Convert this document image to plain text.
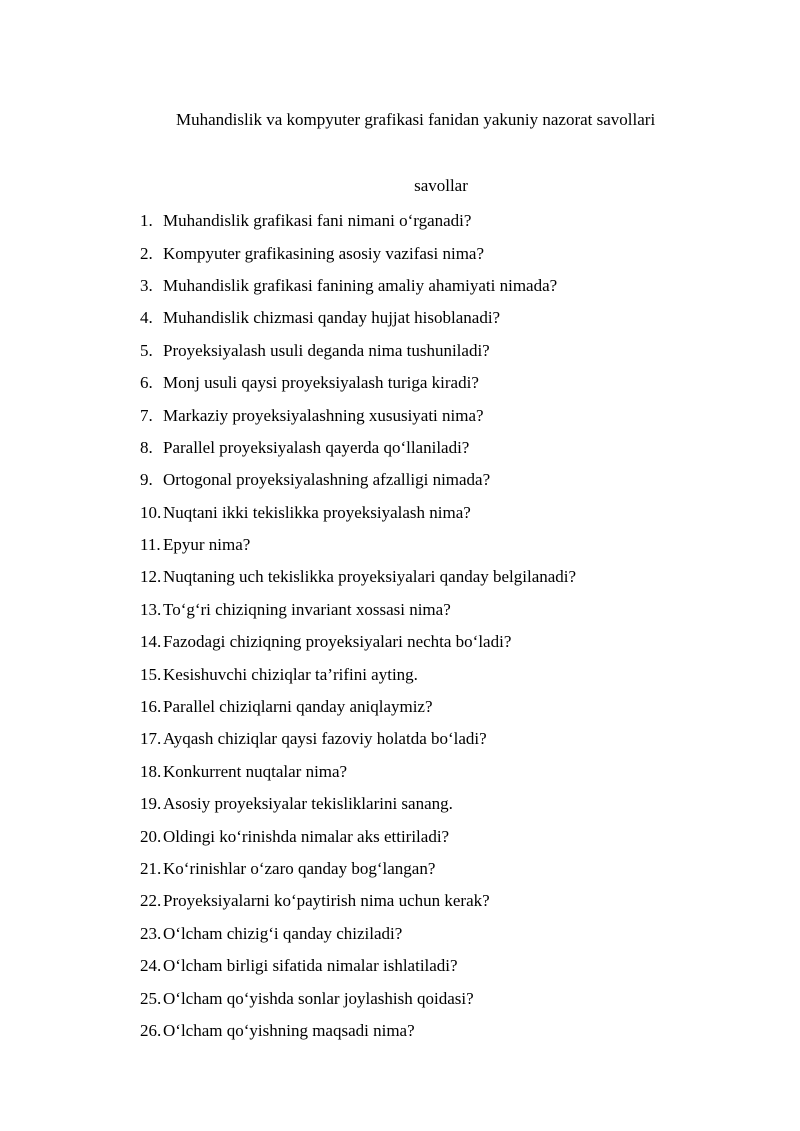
Muhandislik va kompyuter grafikasi fanidan yakuniy nazorat savollari
savollar
1. Muhandislik grafikasi fani nimani o‘rganadi?
2. Kompyuter grafikasining asosiy vazifasi nima?
3. Muhandislik grafikasi fanining amaliy ahamiyati nimada?
4. Muhandislik chizmasi qanday hujjat hisoblanadi?
5. Proyeksiyalash usuli deganda nima tushuniladi?
6. Monj usuli qaysi proyeksiyalash turiga kiradi?
7. Markaziy proyeksiyalashning xususiyati nima?
8. Parallel proyeksiyalash qayerda qo‘llaniladi?
9. Ortogonal proyeksiyalashning afzalligi nimada?
10. Nuqtani ikki tekislikka proyeksiyalash nima?
11. Epyur nima?
12. Nuqtaning uch tekislikka proyeksiyalari qanday belgilanadi?
13. To‘g‘ri chiziqning invariant xossasi nima?
14. Fazodagi chiziqning proyeksiyalari nechta bo‘ladi?
15. Kesishuvchi chiziqlar ta’rifini ayting.
16. Parallel chiziqlarni qanday aniqlaymiz?
17. Ayqash chiziqlar qaysi fazoviy holatda bo‘ladi?
18. Konkurrent nuqtalar nima?
19. Asosiy proyeksiyalar tekisliklarini sanang.
20. Oldingi ko‘rinishda nimalar aks ettiriladi?
21. Ko‘rinishlar o‘zaro qanday bog‘langan?
22. Proyeksiyalarni ko‘paytirish nima uchun kerak?
23. O‘lcham chizig‘i qanday chiziladi?
24. O‘lcham birligi sifatida nimalar ishlatiladi?
25. O‘lcham qo‘yishda sonlar joylashish qoidasi?
26. O‘lcham qo‘yishning maqsadi nima?
